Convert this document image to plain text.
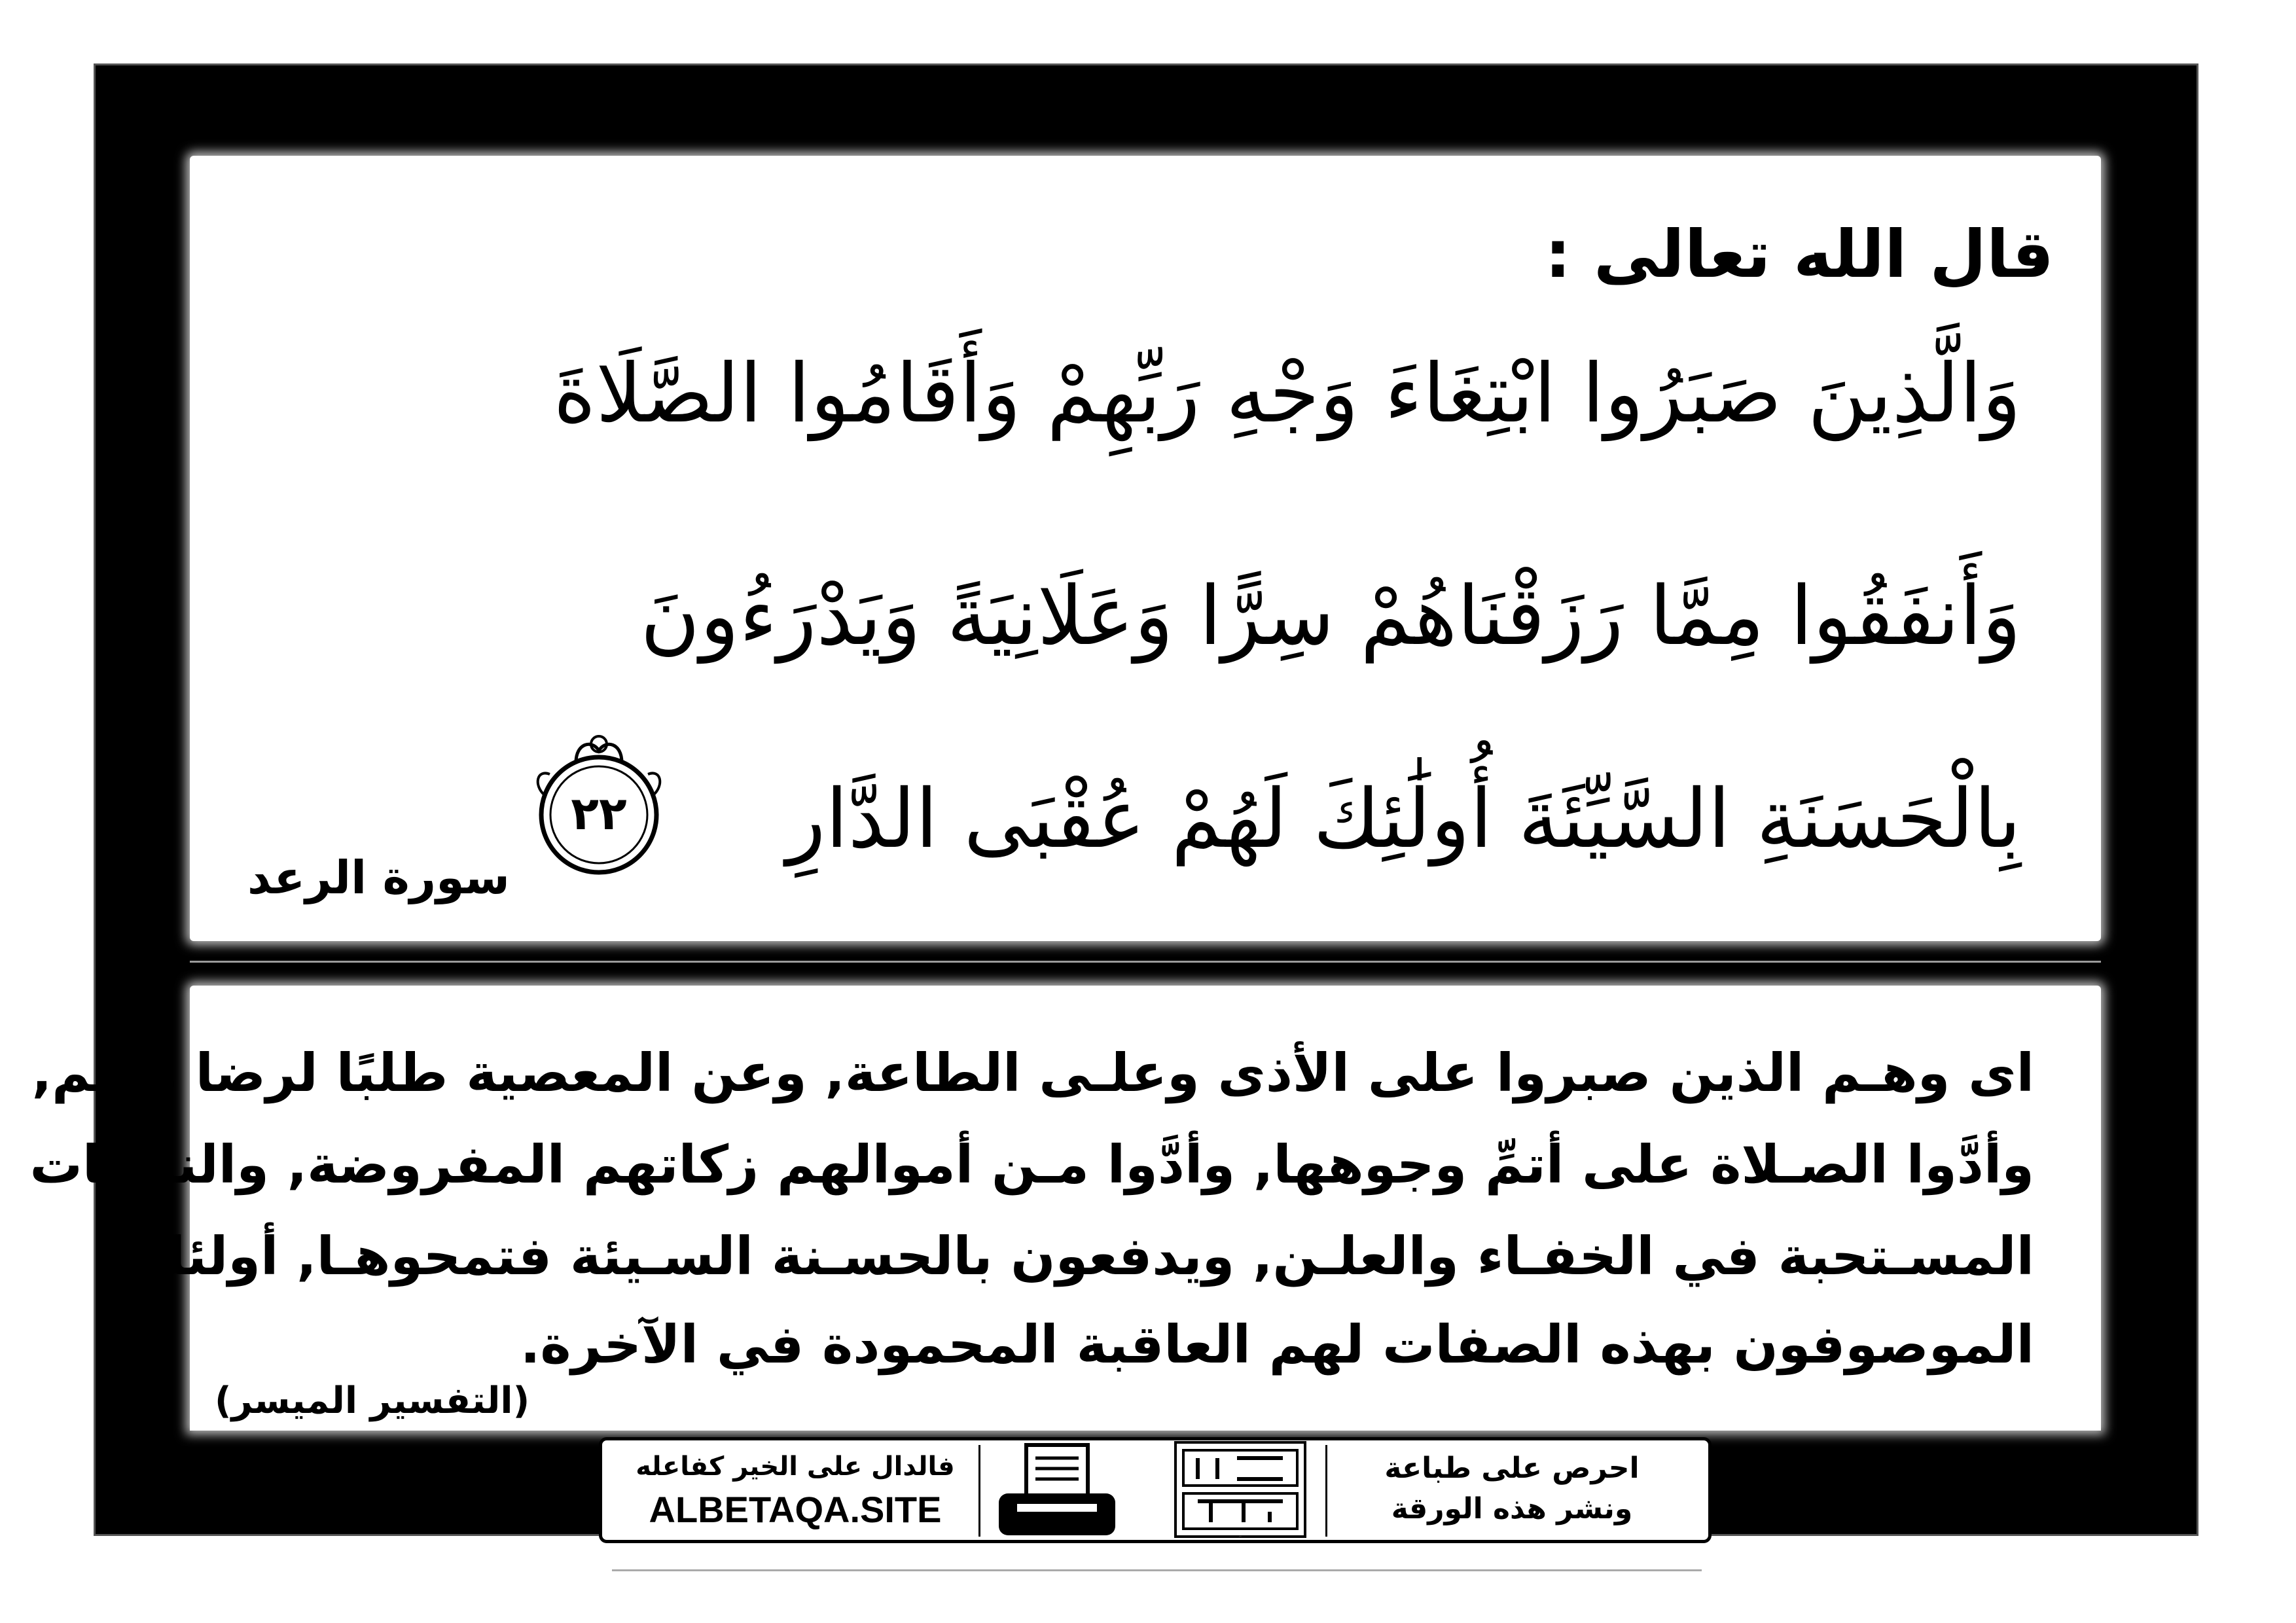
قال الله تعالى :
وَالَّذِينَ صَبَرُوا ابْتِغَاءَ وَجْهِ رَبِّهِمْ وَأَقَامُوا الصَّلَاةَ
وَأَنفَقُوا مِمَّا رَزَقْنَاهُمْ سِرًّا وَعَلَانِيَةً وَيَدْرَءُونَ
بِالْحَسَنَةِ السَّيِّئَةَ أُولَٰئِكَ لَهُمْ عُقْبَى الدَّارِ
٢٢
سورة الرعد
اى وهـم الذين صبروا على الأذى وعلـى الطاعة, وعن المعصية طلبًا لرضا ربهم,
وأدَّوا الصـلاة على أتمِّ وجوهها, وأدَّوا مـن أموالهم زكاتهم المفروضة, والنفقات
المسـتحبة في الخفـاء والعلـن, ويدفعون بالحسـنة السـيئة فتمحوهـا, أولئك
الموصوفون بهذه الصفات لهم العاقبة المحمودة في الآخرة.
(التفسير الميسر)
فالدال على الخير كفاعله
ALBETAQA.SITE
دعوة الورقة
احرص على طباعة
ونشر هذه الورقة
